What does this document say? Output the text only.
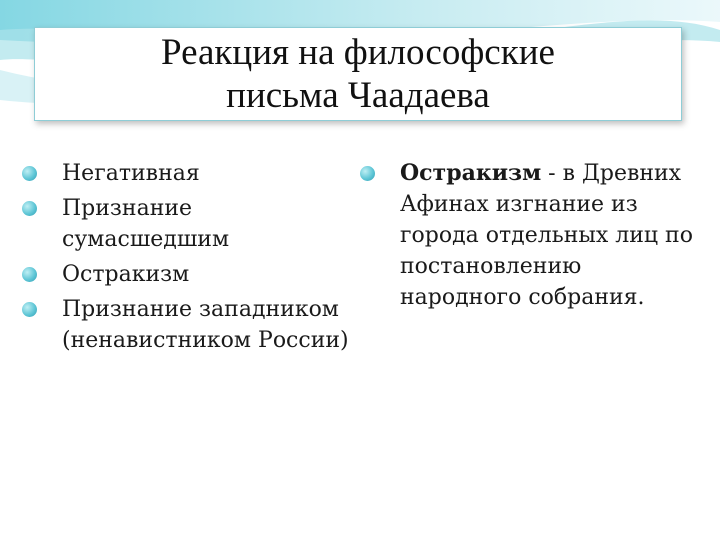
Реакция на философские
письма Чаадаева
Негативная
Признание сумасшедшим
Остракизм
Признание западником (ненавистником России)
Остракизм - в Древних Афинах изгнание из города отдельных лиц по постановлению народного собрания.
